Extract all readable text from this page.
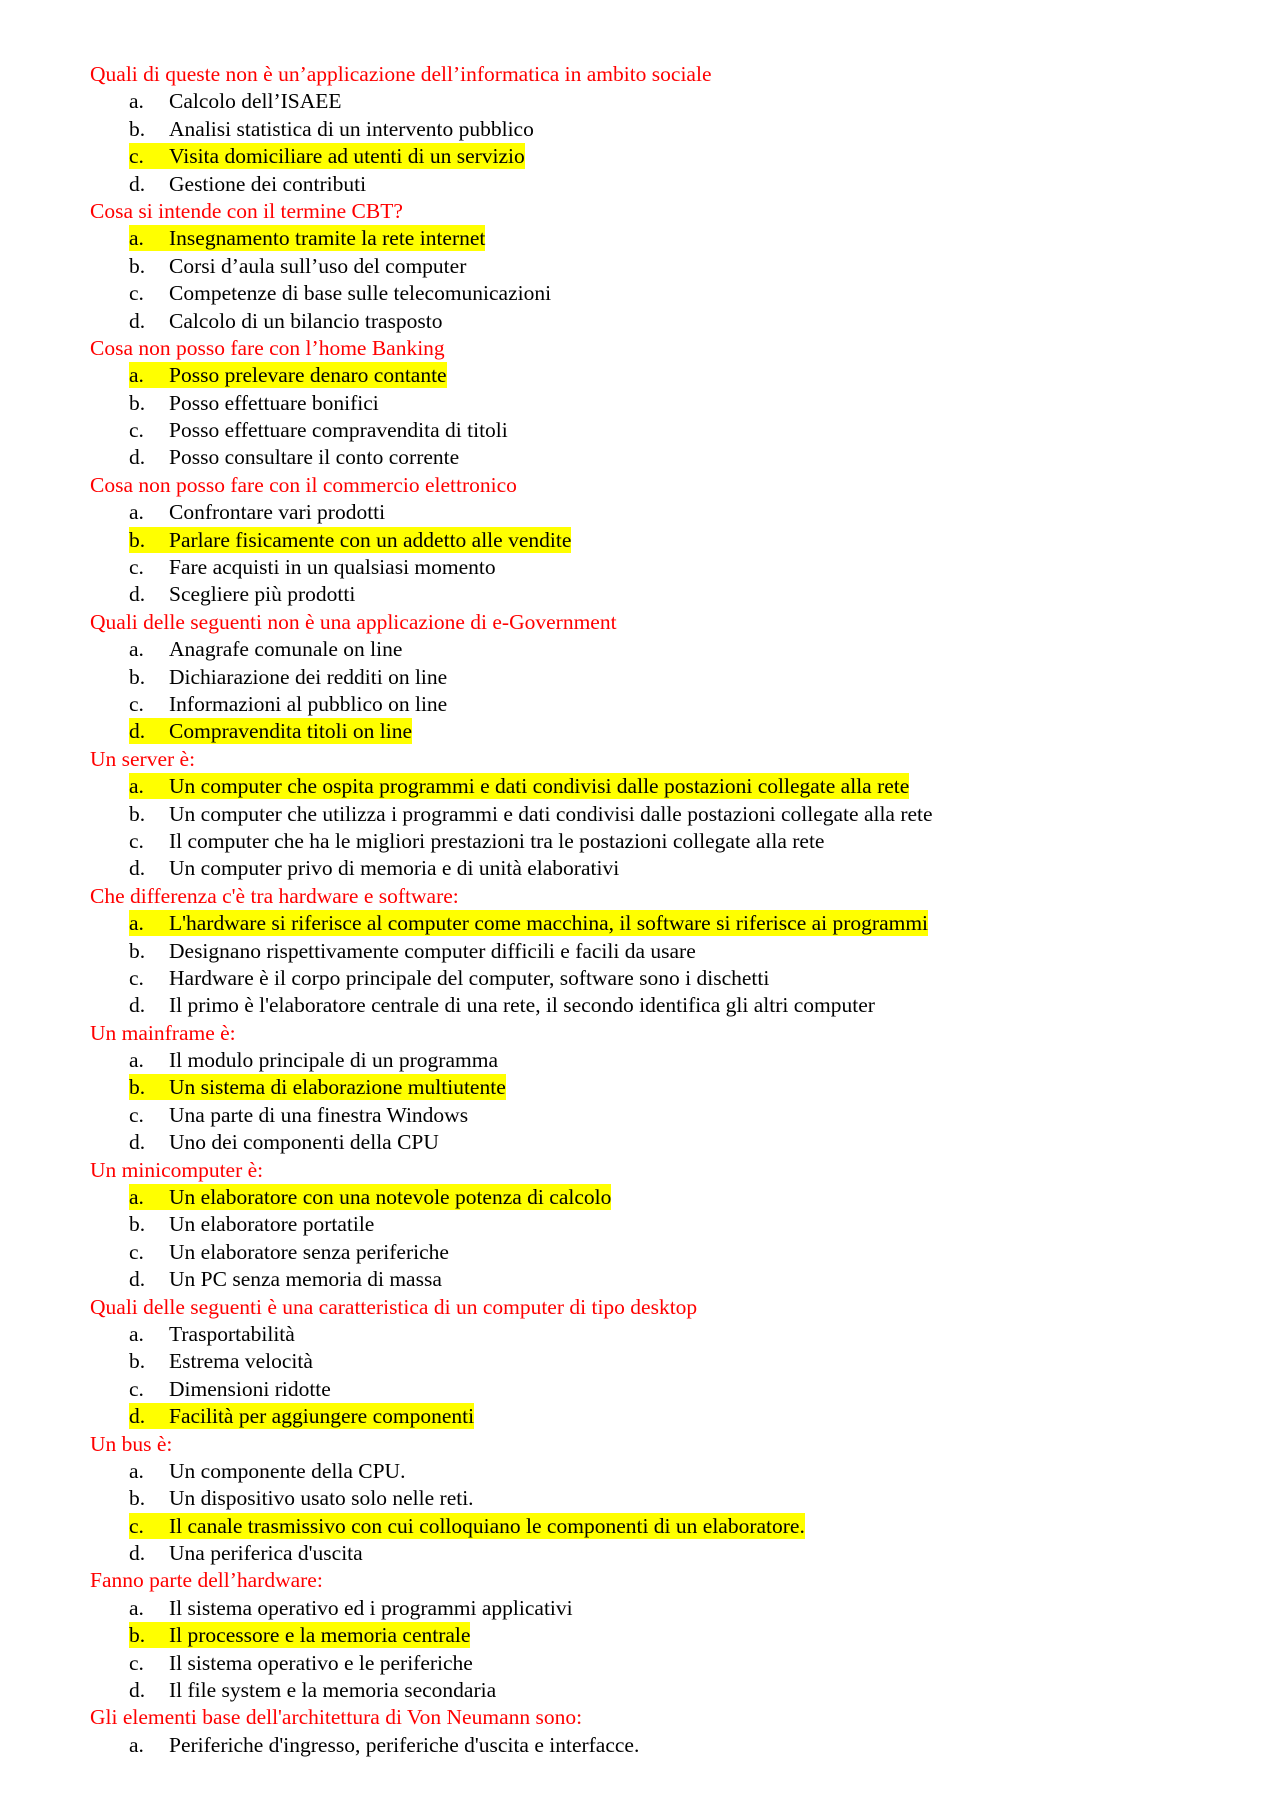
Quali di queste non è un’applicazione dell’informatica in ambito sociale
a. Calcolo dell’ISAEE
b. Analisi statistica di un intervento pubblico
c. Visita domiciliare ad utenti di un servizio
d. Gestione dei contributi
Cosa si intende con il termine CBT?
a. Insegnamento tramite la rete internet
b. Corsi d’aula sull’uso del computer
c. Competenze di base sulle telecomunicazioni
d. Calcolo di un bilancio trasposto
Cosa non posso fare con l’home Banking
a. Posso prelevare denaro contante
b. Posso effettuare bonifici
c. Posso effettuare compravendita di titoli
d. Posso consultare il conto corrente
Cosa non posso fare con il commercio elettronico
a. Confrontare vari prodotti
b. Parlare fisicamente con un addetto alle vendite
c. Fare acquisti in un qualsiasi momento
d. Scegliere più prodotti
Quali delle seguenti non è una applicazione di e-Government
a. Anagrafe comunale on line
b. Dichiarazione dei redditi on line
c. Informazioni al pubblico on line
d. Compravendita titoli on line
Un server è:
a. Un computer che ospita programmi e dati condivisi dalle postazioni collegate alla rete
b. Un computer che utilizza i programmi e dati condivisi dalle postazioni collegate alla rete
c. Il computer che ha le migliori prestazioni tra le postazioni collegate alla rete
d. Un computer privo di memoria e di unità elaborativi
Che differenza c'è tra hardware e software:
a. L'hardware si riferisce al computer come macchina, il software si riferisce ai programmi
b. Designano rispettivamente computer difficili e facili da usare
c. Hardware è il corpo principale del computer, software sono i dischetti
d. Il primo è l'elaboratore centrale di una rete, il secondo identifica gli altri computer
Un mainframe è:
a. Il modulo principale di un programma
b. Un sistema di elaborazione multiutente
c. Una parte di una finestra Windows
d. Uno dei componenti della CPU
Un minicomputer è:
a. Un elaboratore con una notevole potenza di calcolo
b. Un elaboratore portatile
c. Un elaboratore senza periferiche
d. Un PC senza memoria di massa
Quali delle seguenti è una caratteristica di un computer di tipo desktop
a. Trasportabilità
b. Estrema velocità
c. Dimensioni ridotte
d. Facilità per aggiungere componenti
Un bus è:
a. Un componente della CPU.
b. Un dispositivo usato solo nelle reti.
c. Il canale trasmissivo con cui colloquiano le componenti di un elaboratore.
d. Una periferica d'uscita
Fanno parte dell’hardware:
a. Il sistema operativo ed i programmi applicativi
b. Il processore e la memoria centrale
c. Il sistema operativo e le periferiche
d. Il file system e la memoria secondaria
Gli elementi base dell'architettura di Von Neumann sono:
a. Periferiche d'ingresso, periferiche d'uscita e interfacce.
